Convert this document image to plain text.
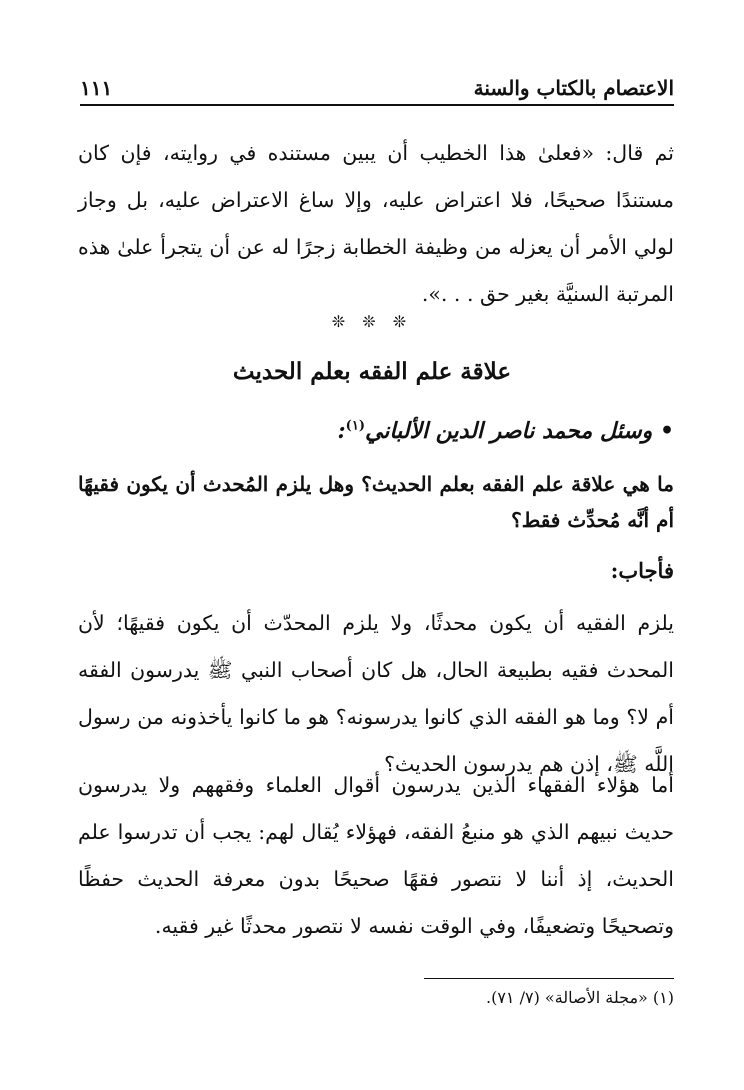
الاعتصام بالكتاب والسنة
١١١
ثم قال: «فعلىٰ هذا الخطيب أن يبين مستنده في روايته، فإن كان مستندًا صحيحًا، فلا اعتراض عليه، وإلا ساغ الاعتراض عليه، بل وجاز لولي الأمر أن يعزله من وظيفة الخطابة زجرًا له عن أن يتجرأ علىٰ هذه المرتبة السنيَّة بغير حق . . .».
❊ ❊ ❊
علاقة علم الفقه بعلم الحديث
• وسئل محمد ناصر الدين الألباني$^{(١)}$:
ما هي علاقة علم الفقه بعلم الحديث؟ وهل يلزم المُحدث أن يكون فقيهًا أم أنَّه مُحدِّث فقط؟
فأجاب:
يلزم الفقيه أن يكون محدثًا، ولا يلزم المحدّث أن يكون فقيهًا؛ لأن المحدث فقيه بطبيعة الحال، هل كان أصحاب النبي ﷺ يدرسون الفقه أم لا؟ وما هو الفقه الذي كانوا يدرسونه؟ هو ما كانوا يأخذونه من رسول اللَّه ﷺ، إذن هم يدرسون الحديث؟
أما هؤلاء الفقهاء الذين يدرسون أقوال العلماء وفقههم ولا يدرسون حديث نبيهم الذي هو منبعُ الفقه، فهؤلاء يُقال لهم: يجب أن تدرسوا علم الحديث، إذ أننا لا نتصور فقهًا صحيحًا بدون معرفة الحديث حفظًا وتصحيحًا وتضعيفًا، وفي الوقت نفسه لا نتصور محدثًا غير فقيه.
(١) «مجلة الأصالة» (٧/ ٧١).
